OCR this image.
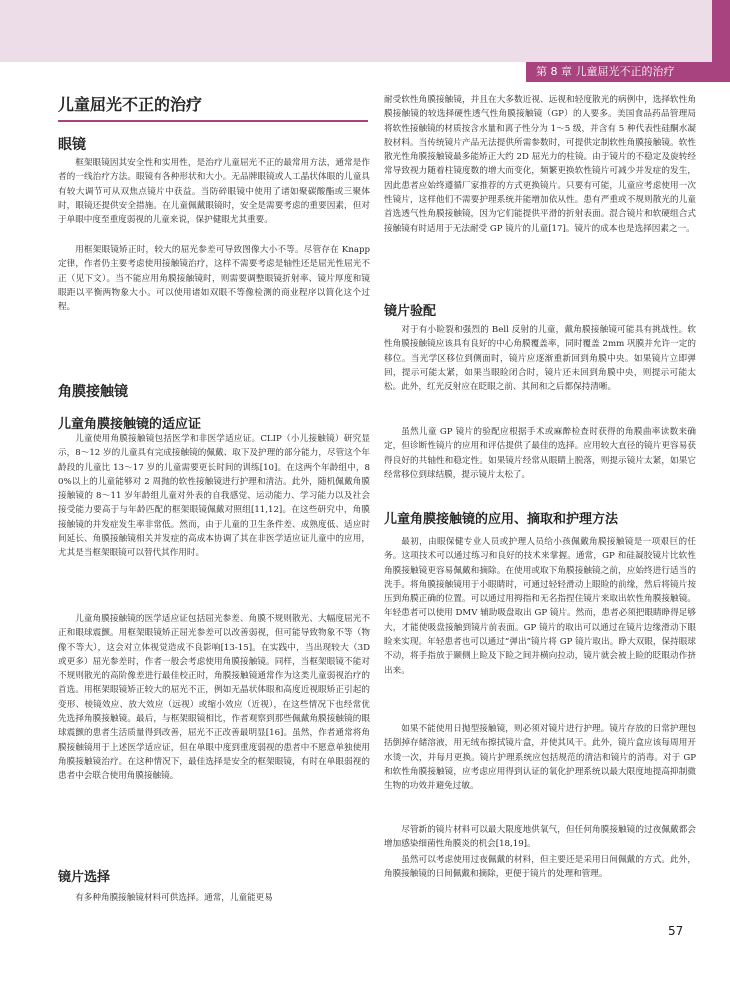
第 8 章 儿童屈光不正的治疗
儿童屈光不正的治疗
眼镜

框架眼镜因其安全性和实用性，是治疗儿童屈光不正的最常用方法，通常是作者的一线治疗方法。眼镜有各种形状和大小。无品牌眼镜或人工晶状体眼的儿童具有较大调节可从双焦点镜片中获益。当防碎眼镜中使用了诸如聚碳酸酯或三聚体时，眼镜还提供安全措施。在儿童佩戴眼镜时，安全是需要考虑的重要因素，但对于单眼中度至重度弱视的儿童来说，保护健眼尤其重要。

用框架眼镜矫正时，较大的屈光参差可导致图像大小不等。尽管存在 Knapp 定律，作者仍主要考虑使用接触镜治疗，这样不需要考虑是轴性还是屈光性屈光不正（见下文）。当不能应用角膜接触镜时，则需要调整眼镜折射率、镜片厚度和镜眼距以平衡两物象大小。可以使用诸如双眼不等像检测的商业程序以简化这个过程。

角膜接触镜
儿童角膜接触镜的适应证

儿童使用角膜接触镜包括医学和非医学适应证。CLIP（小儿接触镜）研究显示，8～12 岁的儿童具有完成接触镜的佩戴、取下及护理的部分能力，尽管这个年龄段的儿童比 13～17 岁的儿童需要更长时间的训练[10]。在这两个年龄组中，80%以上的儿童能够对 2 周抛的软性接触镜进行护理和清洁。此外，随机佩戴角膜接触镜的 8～11 岁年龄组儿童对外表的自我感觉、运动能力、学习能力以及社会接受能力要高于与年龄匹配的框架眼镜佩戴对照组[11,12]。在这些研究中，角膜接触镜的并发症发生率非常低。然而，由于儿童的卫生条件差、成熟度低、适应时间延长、角膜接触镜相关并发症的高成本协调了其在非医学适应证儿童中的应用，尤其是当框架眼镜可以替代其作用时。

儿童角膜接触镜的医学适应证包括屈光参差、角膜不规则散光、大幅度屈光不正和眼球震颤。用框架眼镜矫正屈光参差可以改善弱视，但可能导致物象不等（物像不等大），这会对立体视觉造成不良影响[13-15]。在实践中，当出现较大（3D 或更多）屈光参差时，作者一般会考虑使用角膜接触镜。同样，当框架眼镜不能对不规则散光的高阶像差进行最佳校正时，角膜接触镜通常作为这类儿童弱视治疗的首选。用框架眼镜矫正较大的屈光不正，例如无晶状体眼和高度近视眼矫正引起的变形、棱镜效应、放大效应（远视）或缩小效应（近视），在这些情况下也经常优先选择角膜接触镜。最后，与框架眼镜相比，作者观察到那些佩戴角膜接触镜的眼球震颤的患者生活质量得到改善，屈光不正改善最明显[16]。虽然，作者通常将角膜接触镜用于上述医学适应证，但在单眼中度到重度弱视的患者中不愿意单独使用角膜接触镜治疗。在这种情况下，最佳选择是安全的框架眼镜，有时在单眼弱视的患者中会联合使用角膜接触镜。

镜片选择

有多种角膜接触镜材料可供选择。通常，儿童能更易

耐受软性角膜接触镜，并且在大多数近视、远视和轻度散光的病例中，选择软性角膜接触镜的较选择硬性透气性角膜接触镜（GP）的人要多。美国食品药品管理局将软性接触镜的材质按含水量和离子性分为 1～5 级，并含有 5 种代表性硅酮水凝胶材料。当传统镜片产品无法提供所需参数时，可提供定制软性角膜接触镜。软性散光性角膜接触镜最多能矫正大约 2D 屈光力的柱镜。由于镜片的不稳定及旋转经常导致视力随着柱镜度数的增大而变化，频繁更换软性镜片可减少并发症的发生，因此患者应始终遵循厂家推荐的方式更换镜片。只要有可能，儿童应考虑使用一次性镜片，这样他们不需要护理系统并能增加依从性。患有严重或不规则散光的儿童首选透气性角膜接触镜，因为它们能提供平滑的折射表面。混合镜片和软硬组合式接触镜有时适用于无法耐受 GP 镜片的儿童[17]。镜片的成本也是选择因素之一。

镜片验配

对于有小睑裂和强烈的 Bell 反射的儿童，戴角膜接触镜可能具有挑战性。软性角膜接触镜应该具有良好的中心角膜覆盖率，同时覆盖 2mm 巩膜并允许一定的移位。当光学区移位到侧面时，镜片应逐渐重新回到角膜中央。如果镜片立即弹回，提示可能太紧，如果当眼睑闭合时，镜片还未回到角膜中央，则提示可能太松。此外，红光反射应在眨眼之前、其间和之后都保持清晰。

虽然儿童 GP 镜片的验配应根据手术或麻醉检查时获得的角膜曲率读数来确定，但诊断性镜片的应用和评估提供了最佳的选择。应用较大直径的镜片更容易获得良好的共轴性和稳定性。如果镜片经常从眼睛上脱落，则提示镜片太紧，如果它经常移位到球结膜，提示镜片太松了。

儿童角膜接触镜的应用、摘取和护理方法

最初，由眼保健专业人员或护理人员给小孩佩戴角膜接触镜是一项艰巨的任务。这项技术可以通过练习和良好的技术来掌握。通常，GP 和硅凝胶镜片比软性角膜接触镜更容易佩戴和摘除。在使用或取下角膜接触镜之前，应始终进行适当的洗手。将角膜接触镜用于小眼睛时，可通过轻轻滑动上眼睑的前缘，然后将镜片按压到角膜正确的位置。可以通过用拇指和无名指捏住镜片来取出软性角膜接触镜。年轻患者可以使用 DMV 辅助吸盘取出 GP 镜片。然而，患者必须把眼睛睁得足够大，才能使吸盘接触到镜片前表面。GP 镜片的取出可以通过在镜片边缘滑动下眼睑来实现。年轻患者也可以通过“弹出”镜片将 GP 镜片取出。睁大双眼，保持眼球不动，将手指放于颞侧上睑及下睑之间并横向拉动，镜片就会被上睑的眨眼动作挤出来。

如果不能使用日抛型接触镜，则必须对镜片进行护理。镜片存放的日常护理包括倒掉存储溶液，用无绒布擦拭镜片盒，并使其风干。此外，镜片盒应该每周用开水烫一次，并每月更换。镜片护理系统应包括规范的清洁和镜片的消毒。对于 GP 和软性角膜接触镜，应考虑应用得到认证的氧化护理系统以最大限度地提高抑制微生物的功效并避免过敏。

尽管新的镜片材料可以最大限度地供氧气，但任何角膜接触镜的过夜佩戴都会增加感染细菌性角膜炎的机会[18,19]。

虽然可以考虑使用过夜佩戴的材料，但主要还是采用日间佩戴的方式。此外，角膜接触镜的日间佩戴和摘除，更便于镜片的处理和管理。

57
